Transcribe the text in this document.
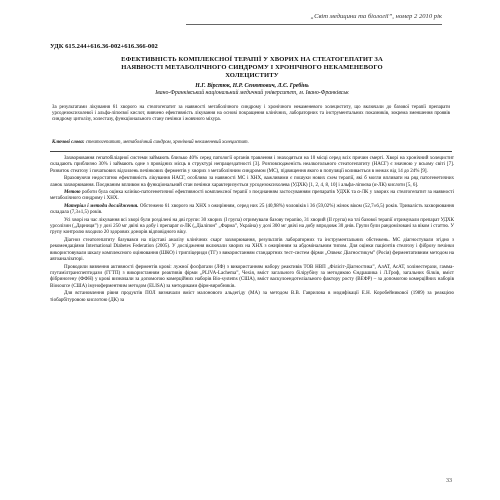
„Світ медицини та біології”, номер 2 2010 рік
УДК 615.244+616.36-002+616.366-002
ЕФЕКТИВНІСТЬ КОМПЛЕКСНОЇ ТЕРАПІЇ У ХВОРИХ НА СТЕАТОГЕПАТИТ ЗА
НАЯВНОСТІ МЕТАБОЛІЧНОГО СИНДРОМУ І ХРОНІЧНОГО НЕКАМЕНЕВОГО
ХОЛЕЦИСТИТУ
Н.Г. Вірстюк, Н.Р. Сенютович, Л.Є. Гребінь
Івано-Франківський національний медичний університет, м. Івано-Франківськ
За результатами лікування 61 хворого на стеатогепатит за наявності метаболічного синдрому і хронічного некаменевого холециститу, що включали до базової терапії препарати урсодезоксихолевої і альфа-ліпоєвої кислот, вивчено ефективність лікування на основі покращення клінічних, лабораторних та інструментальних показників, зокрема зменшення проявів синдрому цитолізу, холестазу, функціонального стану печінки і жовчного міхура.
Ключові слова: стеатогепатит, метаболічний синдром, хронічний некаменевий холецистит.

Захворювання гепатобіліарної системи займають близько 40% серед патології органів травлення і знаходяться на 10 місці серед всіх причин смерті. Хворі на хронічний холецистит складають приблизно 30% і займають одне з провідних місць в структурі непрацездатності [3]. Розповсюдженість неалкогольного стеатогепатиту (НАСГ) є значною у всьому світі [7]. Розвиток стеатозу і початкових відхилень печінкових ферментів у хворих з метаболічним синдромом (МС), підвищення якого в популяції коливається в межах від 14 до 24% [9].

Враховуючи недостатню ефективність лікування НАСГ, особливо за наявності МС і ХНХ, важливими є пошуки нових схем терапії, які б могли впливати на ряд патогенетичних ланок захворювання. Поєднаним впливом на функціональний стан печінки характеризується урсодезоксихолева (УДХК) [1, 2, 4, 8, 10] і альфа-ліпоєва (α-ЛК) кислоти [5, 6].

Метою роботи була оцінка клініко-патогенетичної ефективності комплексної терапії з поєднанням застосуванням препаратів УДХК та α-ЛК у хворих на стеатогепатит за наявності метаболічного синдрому і ХНХ.

Матеріал і методи дослідження. Обстежено 61 хворого на ХНХ з ожирінням, серед них 25 (40,98%) чоловіків і 36 (59,02%) жінок віком (52,7±6,5) років. Тривалість захворювання складала (7,3±1,5) років.

Усі хворі на час лікування всі хворі були розділені на дві групи: 30 хворих (І група) отримували базову терапію, 31 хворий (ІІ група) на тлі базової терапії отримували препарат УДХК урсолізин („Дарниця”) у дозі 250 мг двічі на добу і препарат α-ЛК („Діаліпон” „Фарма”, Україна) у дозі 300 мг двічі на добу впродовж 30 днів. Групи були рандомізовані за віком і статтю. У групу контролю входило 20 здорових донорів відповідного віку.

Діагноз стеатогепатиту базувався на підставі аналізу клінічних скарг захворювання, результатів лабораторних та інструментальних обстежень. МС діагностували згідно з рекомендаціями International Diabetes Federation (2005). У дослідження включали хворих на ХНХ з ожирінням за абдомінальним типом. Для оцінки пацієнтів стеатозу і фіброзу печінки використовували шкалу комплексного оцінювання (ШКО) і тригліцериди (ТГ) з використанням стандартних тест-систем фірми „Олвекс Діагностикум” (Росія) ферментативним методом на автоаналізаторі.

Проводили вивчення активності ферментів крові: лужної фосфатази (ЛФ) з використанням набору реактивів ТОВ НВП „Філісіт-Діагностика”, АлАТ, АсАТ, холінестерази, гамма-глутамілтранспептидази (ГГТП) з використанням реактивів фірми „PLIVA-Lachema”, Чехія, вміст загального білірубіну за методикою Єндрашика і Л.Гроф, загальних білків, вміст фібриногену (ФФН) у крові визначали за допомогою комерційних наборів Bio-systems (США), вміст васкулоендотеліального фактору росту (ВЕФР) – за допомогою комерційних наборів Biosource (США) імуноферментним методом (ELISA) за методиками фірм-виробників.

Для встановлення рівня продуктів ПОЛ визначали вміст малонового альдегіду (МА) за методом В.В. Гаврилова в модифікації Е.Н. Коробейникової (1989) за реакцією тіобарбітуровою кислотою (ДК) за

33
